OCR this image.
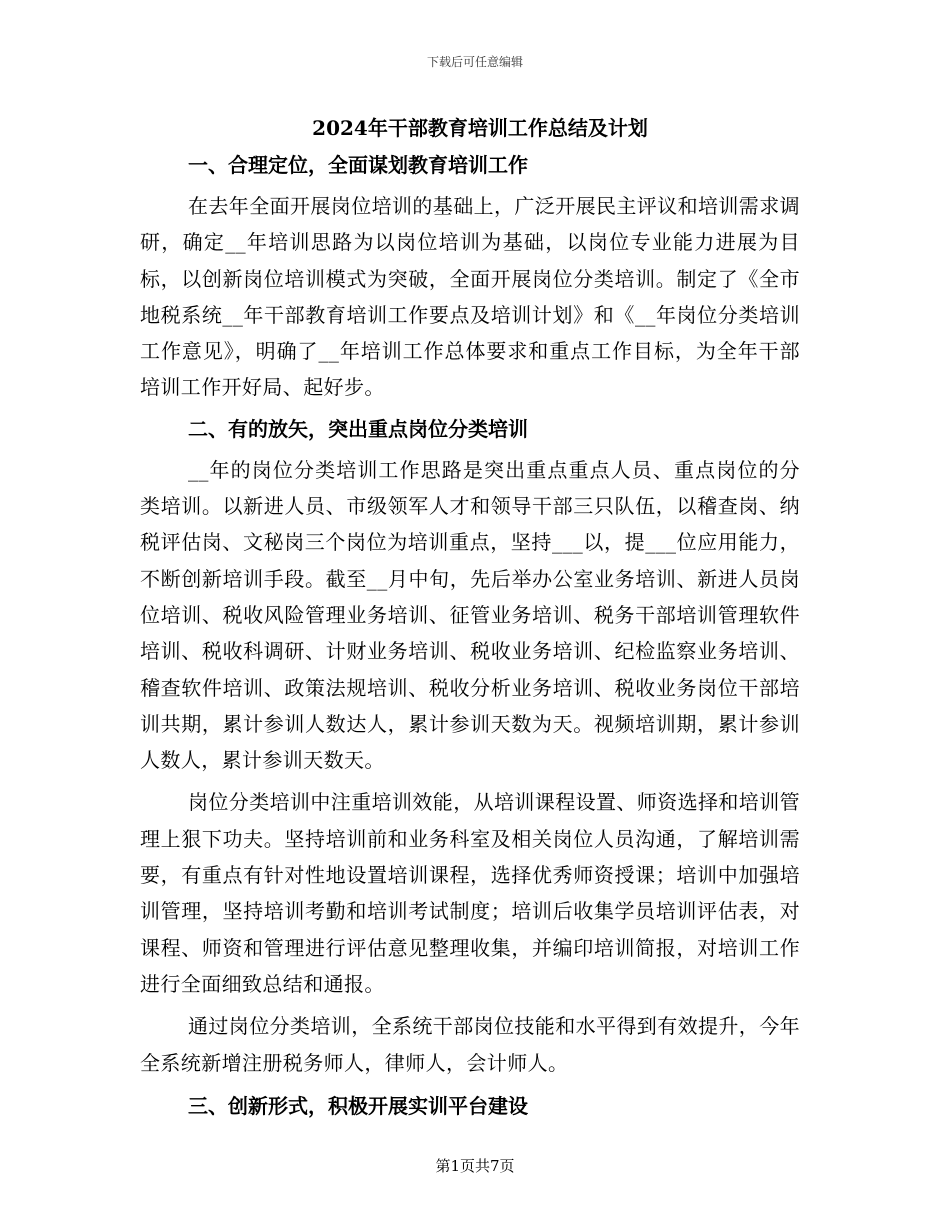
下载后可任意编辑
2024年干部教育培训工作总结及计划
一、合理定位，全面谋划教育培训工作

在去年全面开展岗位培训的基础上，广泛开展民主评议和培训需求调研，确定__年培训思路为以岗位培训为基础，以岗位专业能力进展为目标，以创新岗位培训模式为突破，全面开展岗位分类培训。制定了《全市地税系统__年干部教育培训工作要点及培训计划》和《__年岗位分类培训工作意见》，明确了__年培训工作总体要求和重点工作目标，为全年干部培训工作开好局、起好步。

二、有的放矢，突出重点岗位分类培训

__年的岗位分类培训工作思路是突出重点重点人员、重点岗位的分类培训。以新进人员、市级领军人才和领导干部三只队伍，以稽查岗、纳税评估岗、文秘岗三个岗位为培训重点，坚持___以，提___位应用能力，不断创新培训手段。截至__月中旬，先后举办公室业务培训、新进人员岗位培训、税收风险管理业务培训、征管业务培训、税务干部培训管理软件培训、税收科调研、计财业务培训、税收业务培训、纪检监察业务培训、稽查软件培训、政策法规培训、税收分析业务培训、税收业务岗位干部培训共期，累计参训人数达人，累计参训天数为天。视频培训期，累计参训人数人，累计参训天数天。

岗位分类培训中注重培训效能，从培训课程设置、师资选择和培训管理上狠下功夫。坚持培训前和业务科室及相关岗位人员沟通，了解培训需要，有重点有针对性地设置培训课程，选择优秀师资授课；培训中加强培训管理，坚持培训考勤和培训考试制度；培训后收集学员培训评估表，对课程、师资和管理进行评估意见整理收集，并编印培训简报，对培训工作进行全面细致总结和通报。

通过岗位分类培训，全系统干部岗位技能和水平得到有效提升，今年全系统新增注册税务师人，律师人，会计师人。

三、创新形式，积极开展实训平台建设
第1页共7页
